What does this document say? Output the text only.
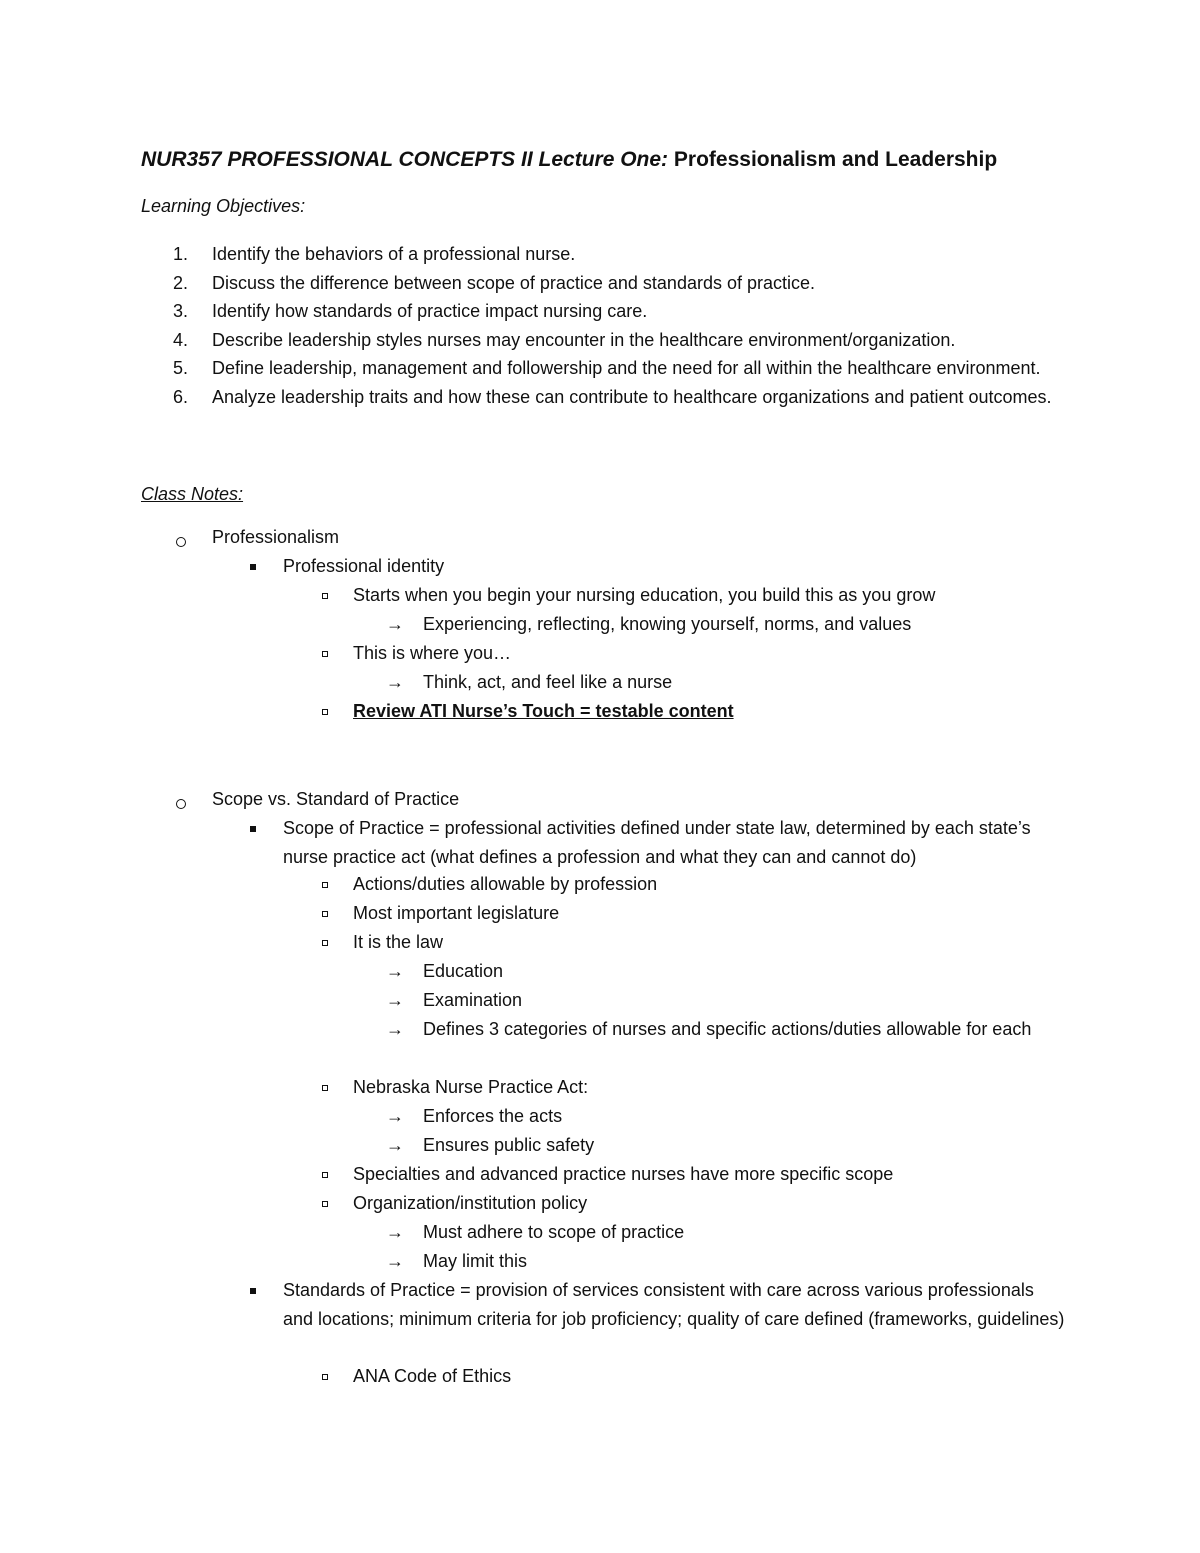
NUR357 PROFESSIONAL CONCEPTS II Lecture One: Professionalism and Leadership
Learning Objectives:
1.	Identify the behaviors of a professional nurse.
2.	Discuss the difference between scope of practice and standards of practice.
3.	Identify how standards of practice impact nursing care.
4.	Describe leadership styles nurses may encounter in the healthcare environment/organization.
5.	Define leadership, management and followership and the need for all within the healthcare environment.
6.	Analyze leadership traits and how these can contribute to healthcare organizations and patient outcomes.
Class Notes:
Professionalism
Professional identity
Starts when you begin your nursing education, you build this as you grow
→ Experiencing, reflecting, knowing yourself, norms, and values
This is where you…
→ Think, act, and feel like a nurse
Review ATI Nurse’s Touch = testable content
Scope vs. Standard of Practice
Scope of Practice = professional activities defined under state law, determined by each state’s nurse practice act (what defines a profession and what they can and cannot do)
Actions/duties allowable by profession
Most important legislature
It is the law
→ Education
→ Examination
→ Defines 3 categories of nurses and specific actions/duties allowable for each
Nebraska Nurse Practice Act:
→ Enforces the acts
→ Ensures public safety
Specialties and advanced practice nurses have more specific scope
Organization/institution policy
→ Must adhere to scope of practice
→ May limit this
Standards of Practice = provision of services consistent with care across various professionals and locations; minimum criteria for job proficiency; quality of care defined (frameworks, guidelines)
ANA Code of Ethics
